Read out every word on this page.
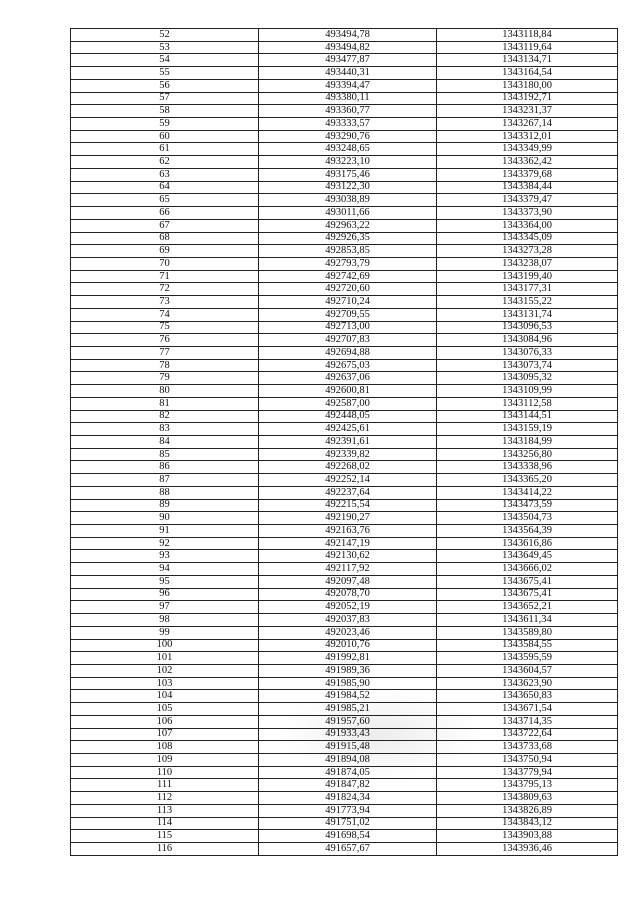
52	493494,78	1343118,84
53	493494,82	1343119,64
54	493477,87	1343134,71
55	493440,31	1343164,54
56	493394,47	1343180,00
57	493380,11	1343192,71
58	493360,77	1343231,37
59	493333,57	1343267,14
60	493290,76	1343312,01
61	493248,65	1343349,99
62	493223,10	1343362,42
63	493175,46	1343379,68
64	493122,30	1343384,44
65	493038,89	1343379,47
66	493011,66	1343373,90
67	492963,22	1343364,00
68	492926,35	1343345,09
69	492853,85	1343273,28
70	492793,79	1343238,07
71	492742,69	1343199,40
72	492720,60	1343177,31
73	492710,24	1343155,22
74	492709,55	1343131,74
75	492713,00	1343096,53
76	492707,83	1343084,96
77	492694,88	1343076,33
78	492675,03	1343073,74
79	492637,06	1343095,32
80	492600,81	1343109,99
81	492587,00	1343112,58
82	492448,05	1343144,51
83	492425,61	1343159,19
84	492391,61	1343184,99
85	492339,82	1343256,80
86	492268,02	1343338,96
87	492252,14	1343365,20
88	492237,64	1343414,22
89	492215,54	1343473,59
90	492190,27	1343504,73
91	492163,76	1343564,39
92	492147,19	1343616,86
93	492130,62	1343649,45
94	492117,92	1343666,02
95	492097,48	1343675,41
96	492078,70	1343675,41
97	492052,19	1343652,21
98	492037,83	1343611,34
99	492023,46	1343589,80
100	492010,76	1343584,55
101	491992,81	1343595,59
102	491989,36	1343604,57
103	491985,90	1343623,90
104	491984,52	1343650,83
105	491985,21	1343671,54
106	491957,60	1343714,35
107	491933,43	1343722,64
108	491915,48	1343733,68
109	491894,08	1343750,94
110	491874,05	1343779,94
111	491847,82	1343795,13
112	491824,34	1343809,63
113	491773,94	1343826,89
114	491751,02	1343843,12
115	491698,54	1343903,88
116	491657,67	1343936,46
